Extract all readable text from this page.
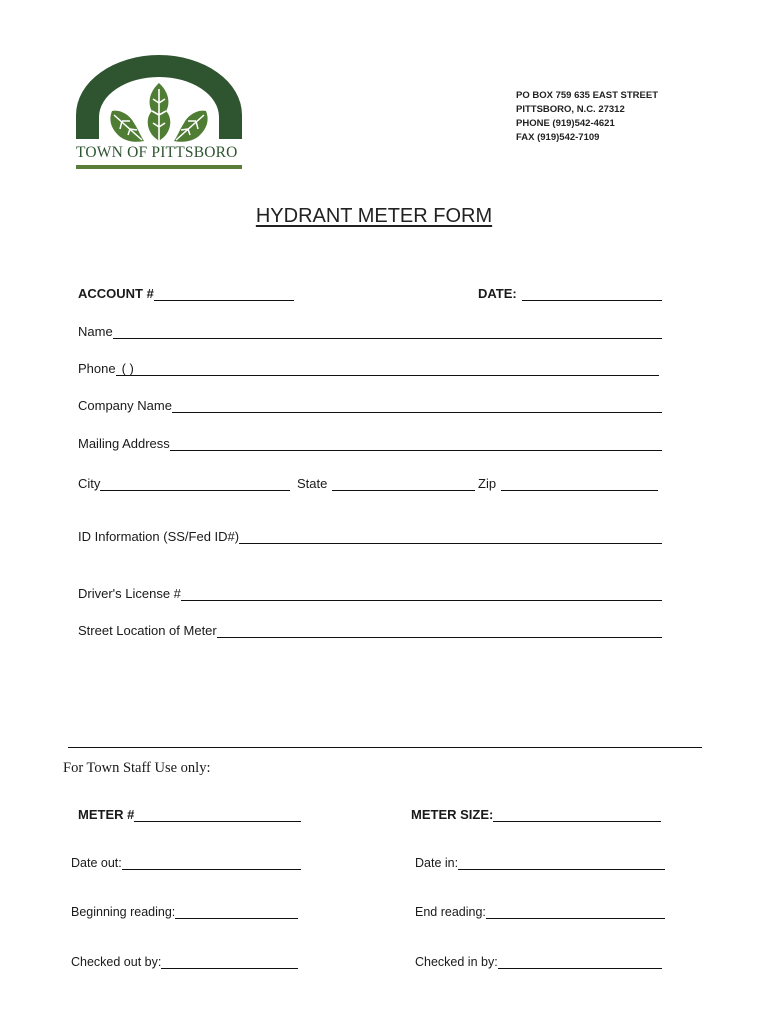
TOWN OF PITTSBORO
PO BOX 759 635 EAST STREET
PITTSBORO, N.C. 27312
PHONE (919)542-4621
FAX (919)542-7109
HYDRANT METER FORM
ACCOUNT #	DATE:
Name
Phone ( )
Company Name
Mailing Address
City	State	Zip
ID Information (SS/Fed ID#)
Driver's License #
Street Location of Meter
For Town Staff Use only:
METER #	METER SIZE:
Date out:	Date in:
Beginning reading:	End reading:
Checked out by:	Checked in by:
